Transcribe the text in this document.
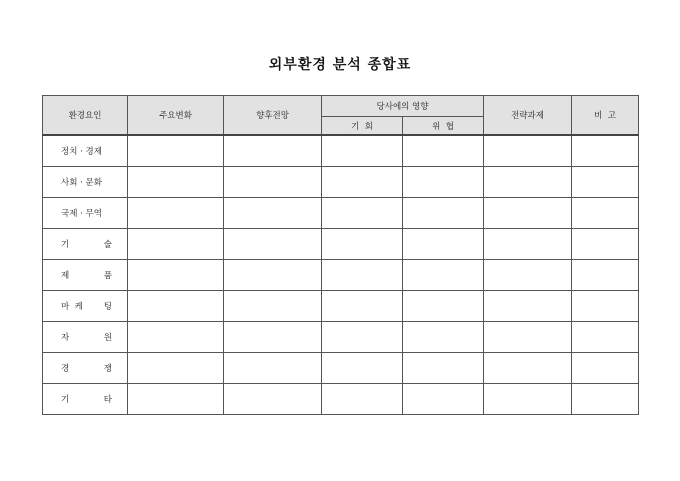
외부환경 분석 종합표
환경요인	주요변화	향후전망	당사에의 영향		전략과제	비  고
			기  회	위  협		

정치 · 경제						

사회 · 문화						

국제 · 무역						

기 술						

제 품						

마  케 팅						

자 원						

경 쟁						

기 타						
